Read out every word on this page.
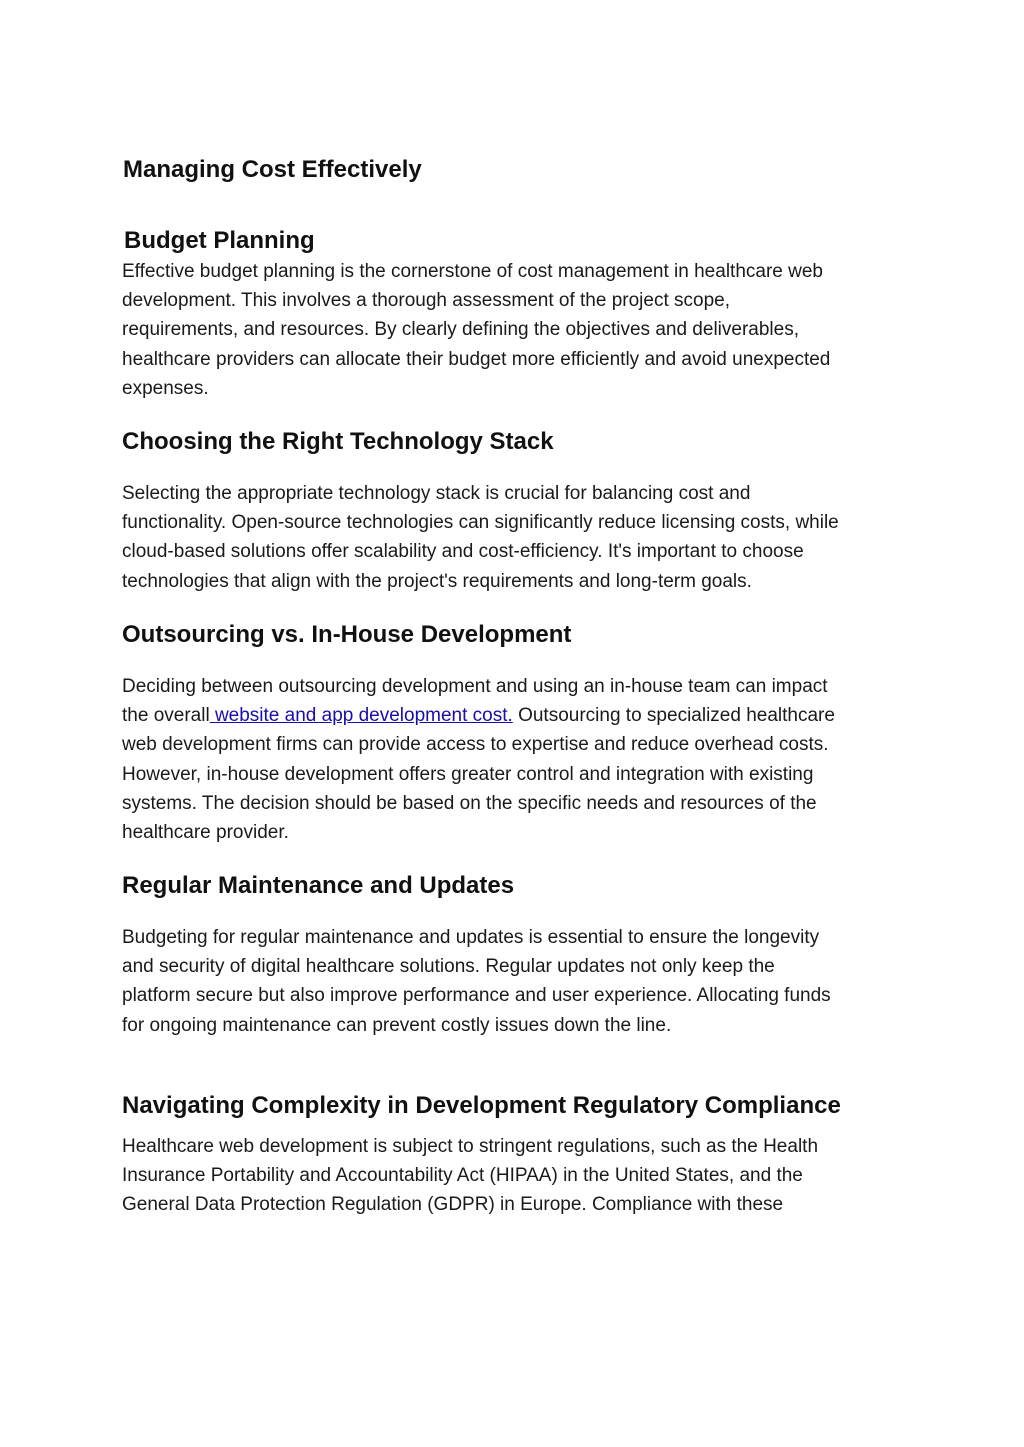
Managing Cost Effectively
Budget Planning

Effective budget planning is the cornerstone of cost management in healthcare web
development. This involves a thorough assessment of the project scope,
requirements, and resources. By clearly defining the objectives and deliverables,
healthcare providers can allocate their budget more efficiently and avoid unexpected
expenses.

Choosing the Right Technology Stack

Selecting the appropriate technology stack is crucial for balancing cost and
functionality. Open-source technologies can significantly reduce licensing costs, while
cloud-based solutions offer scalability and cost-efficiency. It's important to choose
technologies that align with the project's requirements and long-term goals.

Outsourcing vs. In-House Development

Deciding between outsourcing development and using an in-house team can impact
the overall website and app development cost. Outsourcing to specialized healthcare
web development firms can provide access to expertise and reduce overhead costs.
However, in-house development offers greater control and integration with existing
systems. The decision should be based on the specific needs and resources of the
healthcare provider.

Regular Maintenance and Updates

Budgeting for regular maintenance and updates is essential to ensure the longevity
and security of digital healthcare solutions. Regular updates not only keep the
platform secure but also improve performance and user experience. Allocating funds
for ongoing maintenance can prevent costly issues down the line.

Navigating Complexity in Development Regulatory Compliance

Healthcare web development is subject to stringent regulations, such as the Health
Insurance Portability and Accountability Act (HIPAA) in the United States, and the
General Data Protection Regulation (GDPR) in Europe. Compliance with these
